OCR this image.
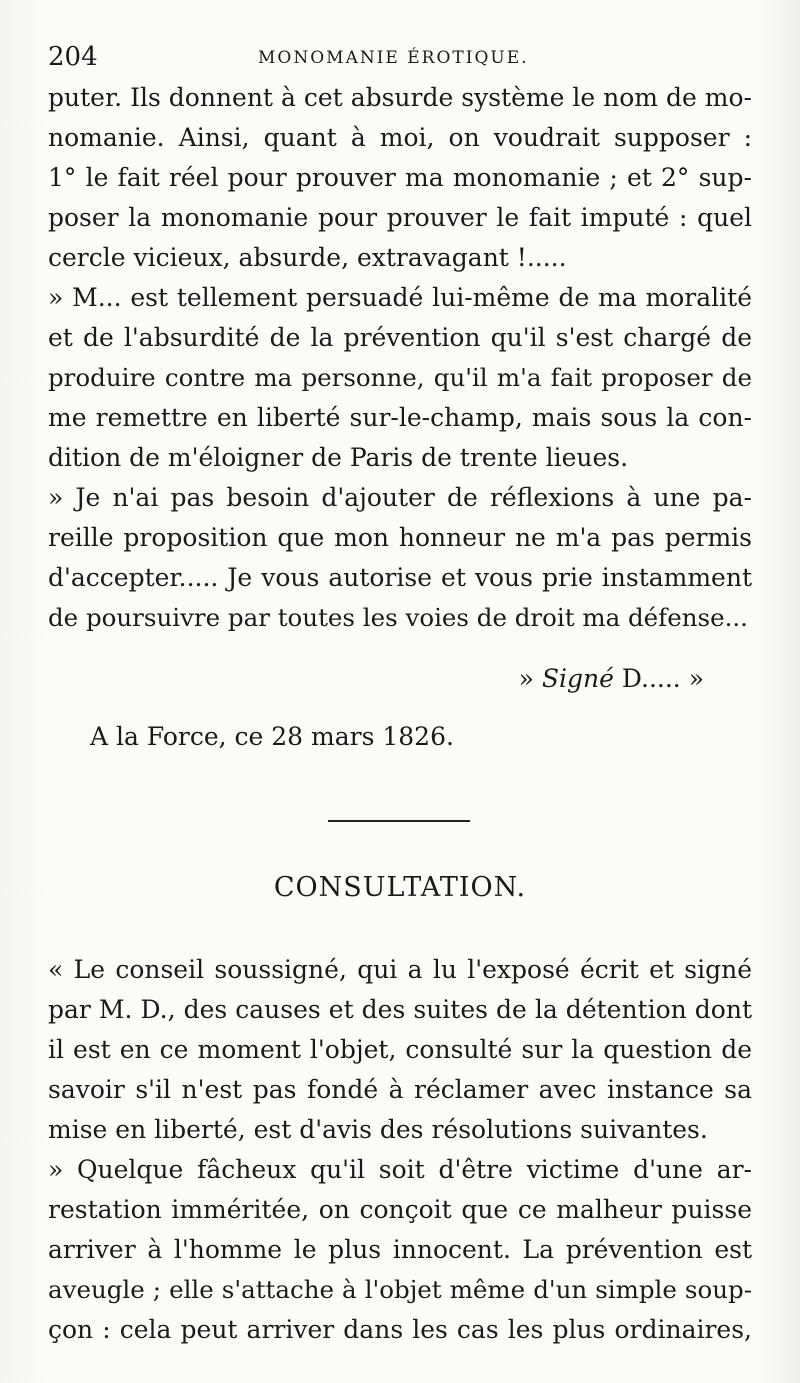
204	MONOMANIE ÉROTIQUE.
puter. Ils donnent à cet absurde système le nom de mo-
nomanie. Ainsi, quant à moi, on voudrait supposer :
1° le fait réel pour prouver ma monomanie ; et 2° sup-
poser la monomanie pour prouver le fait imputé : quel
cercle vicieux, absurde, extravagant !.....
» M... est tellement persuadé lui-même de ma moralité
et de l'absurdité de la prévention qu'il s'est chargé de
produire contre ma personne, qu'il m'a fait proposer de
me remettre en liberté sur-le-champ, mais sous la con-
dition de m'éloigner de Paris de trente lieues.
» Je n'ai pas besoin d'ajouter de réflexions à une pa-
reille proposition que mon honneur ne m'a pas permis
d'accepter..... Je vous autorise et vous prie instamment
de poursuivre par toutes les voies de droit ma défense...
» Signé D..... »
A la Force, ce 28 mars 1826.
CONSULTATION.
« Le conseil soussigné, qui a lu l'exposé écrit et signé
par M. D., des causes et des suites de la détention dont
il est en ce moment l'objet, consulté sur la question de
savoir s'il n'est pas fondé à réclamer avec instance sa
mise en liberté, est d'avis des résolutions suivantes.
» Quelque fâcheux qu'il soit d'être victime d'une ar-
restation imméritée, on conçoit que ce malheur puisse
arriver à l'homme le plus innocent. La prévention est
aveugle ; elle s'attache à l'objet même d'un simple soup-
çon : cela peut arriver dans les cas les plus ordinaires,
